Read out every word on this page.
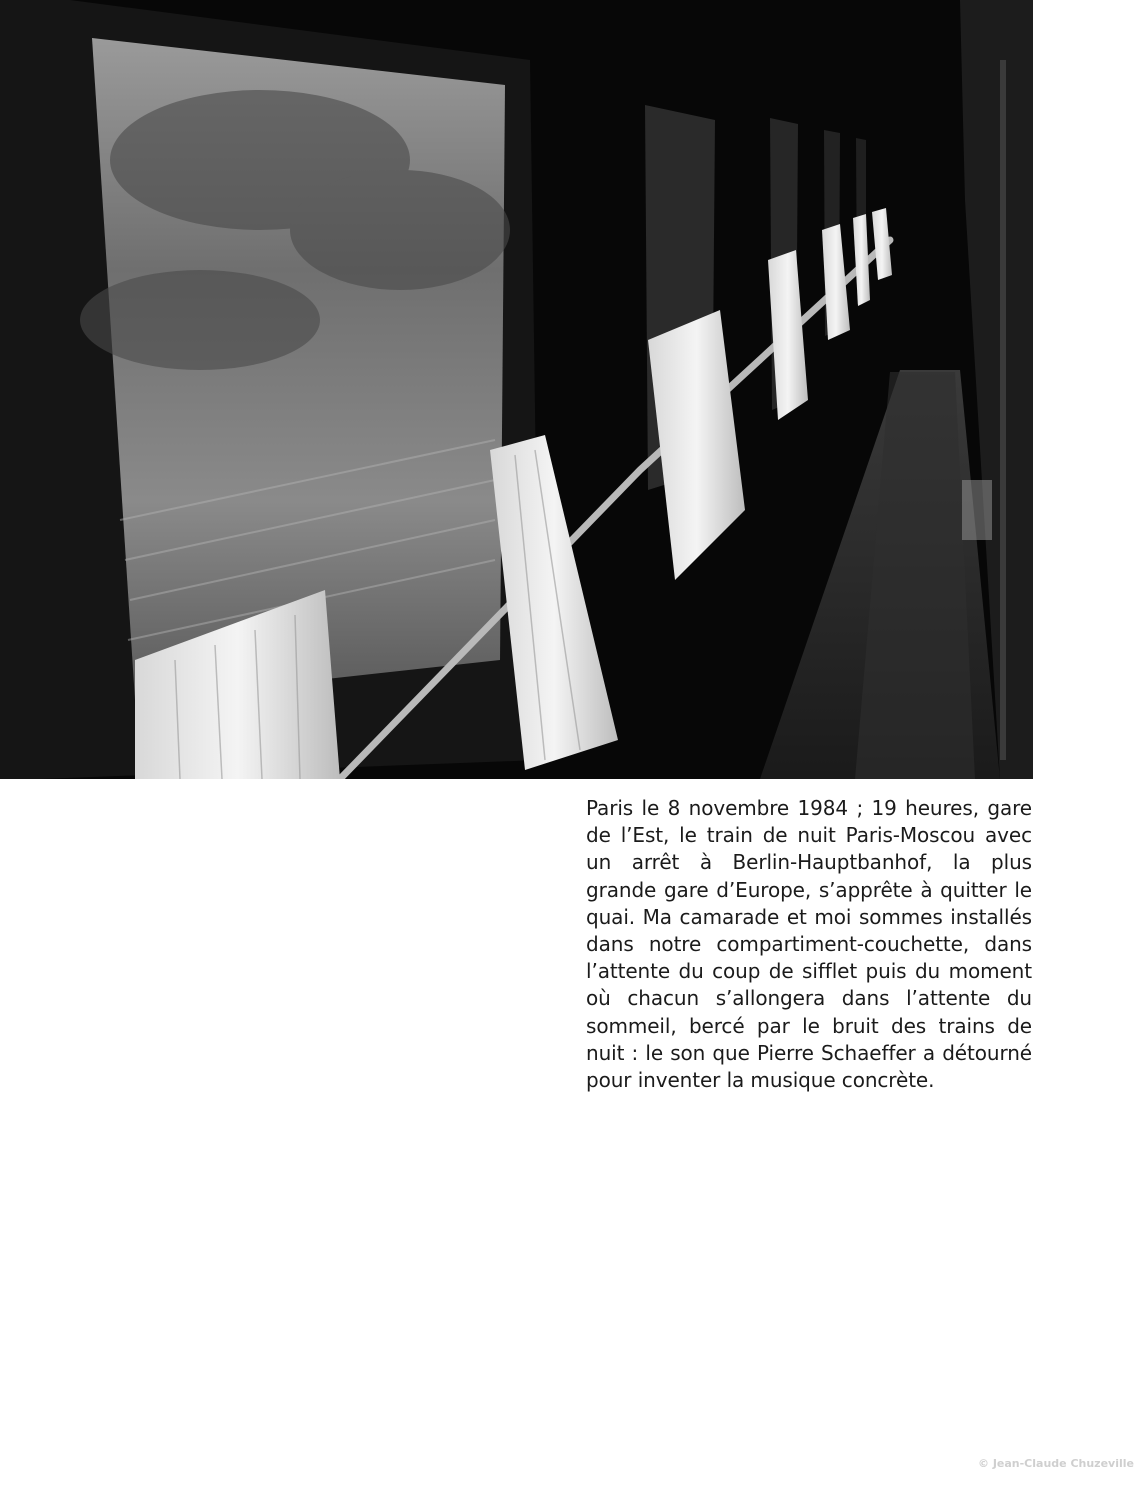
Paris le 8 novembre 1984 ; 19 heures, gare de l’Est, le train de nuit Paris-Moscou avec un arrêt à Berlin-Hauptbanhof, la plus grande gare d’Europe, s’apprête à quitter le quai. Ma camarade et moi sommes installés dans notre compartiment-couchette, dans l’attente du coup de sifflet puis du moment où chacun s’allongera dans l’attente du sommeil, bercé par le bruit des trains de nuit : le son que Pierre Schaeffer a détourné pour inventer la musique concrète.

© Jean-Claude Chuzeville
